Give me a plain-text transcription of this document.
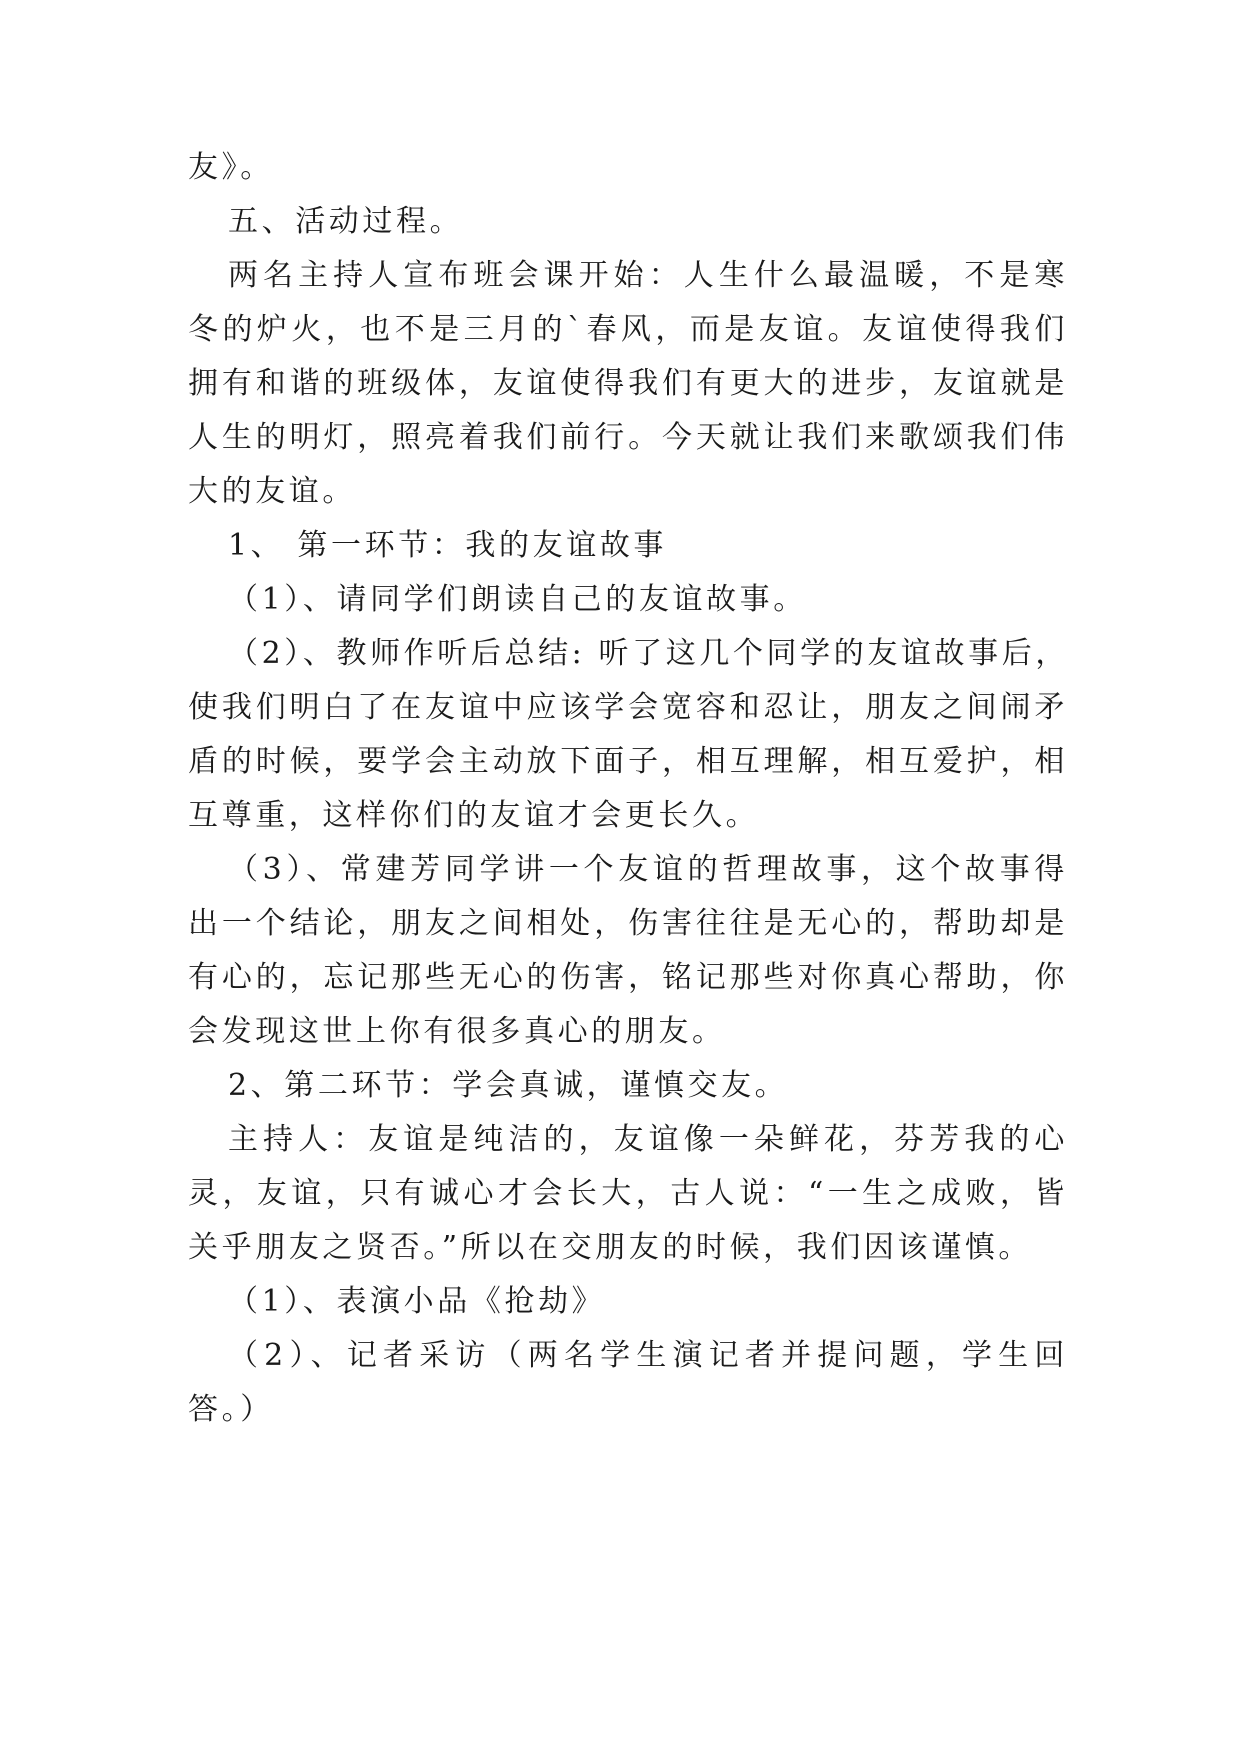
友》。
五、活动过程。
两名主持人宣布班会课开始：人生什么最温暖，不是寒
冬的炉火，也不是三月的`春风，而是友谊。友谊使得我们
拥有和谐的班级体，友谊使得我们有更大的进步，友谊就是
人生的明灯，照亮着我们前行。今天就让我们来歌颂我们伟
大的友谊。
1、 第一环节：我的友谊故事
（1）、请同学们朗读自己的友谊故事。
（2）、教师作听后总结: 听了这几个同学的友谊故事后，
使我们明白了在友谊中应该学会宽容和忍让，朋友之间闹矛
盾的时候，要学会主动放下面子，相互理解，相互爱护，相
互尊重，这样你们的友谊才会更长久。
（3）、常建芳同学讲一个友谊的哲理故事，这个故事得
出一个结论，朋友之间相处，伤害往往是无心的，帮助却是
有心的，忘记那些无心的伤害，铭记那些对你真心帮助，你
会发现这世上你有很多真心的朋友。
2、第二环节：学会真诚，谨慎交友。
主持人：友谊是纯洁的，友谊像一朵鲜花，芬芳我的心
灵，友谊，只有诚心才会长大，古人说：“一生之成败，皆
关乎朋友之贤否。”所以在交朋友的时候，我们因该谨慎。
（1）、表演小品《抢劫》
（2）、记者采访（两名学生演记者并提问题，学生回
答。）
